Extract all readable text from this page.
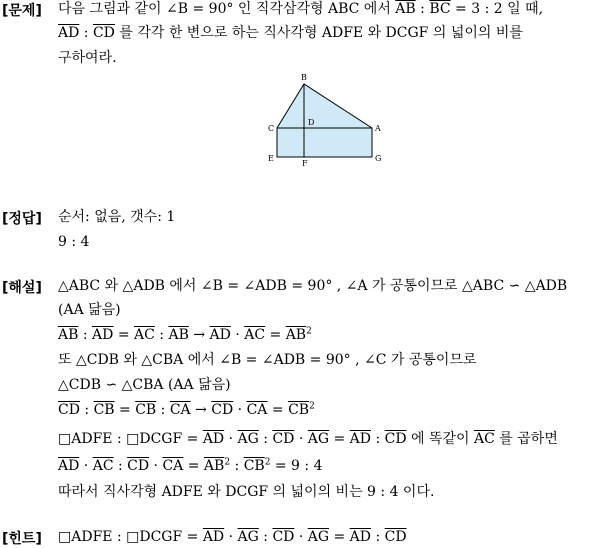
[문제] 다음 그림과 같이 ∠B = 90° 인 직각삼각형 ABC 에서 $\overline{AB}$ : $\overline{BC} = 3$ : 2 일 때,
$\overline{AD}$ : $\overline{CD}$ 를 각각 한 변으로 하는 직사각형 ADFE 와 DCGF 의 넓이의 비를
구하여라.
B
C
D
A
E
F
G
[정답] 순서: 없음, 갯수: 1
9 : 4
[해설] △ABC 와 △ADB 에서 ∠B = ∠ADB = 90° , ∠A 가 공통이므로 △ABC ∽ △ADB
(AA 닮음)
$\overline{AB}$ : $\overline{AD} = \overline{AC}$ : $\overline{AB} \to \overline{AD} \cdot \overline{AC} = \overline{AB}^2$
또 △CDB 와 △CBA 에서 ∠B = ∠ADB = 90° , ∠C 가 공통이므로
△CDB ∽ △CBA (AA 닮음)
$\overline{CD}$ : $\overline{CB} = \overline{CB}$ : $\overline{CA} \to \overline{CD} \cdot \overline{CA} = \overline{CB}^2$
□ADFE : □DCGF = $\overline{AD} \cdot \overline{AG}$ : $\overline{CD} \cdot \overline{AG} = \overline{AD}$ : $\overline{CD}$ 에 똑같이 $\overline{AC}$ 를 곱하면
$\overline{AD} \cdot \overline{AC}$ : $\overline{CD} \cdot \overline{CA} = \overline{AB}^2$ : $\overline{CB}^2 = 9$ : 4
따라서 직사각형 ADFE 와 DCGF 의 넓이의 비는 9 : 4 이다.
[힌트] □ADFE : □DCGF = $\overline{AD} \cdot \overline{AG}$ : $\overline{CD} \cdot \overline{AG} = \overline{AD}$ : $\overline{CD}$
